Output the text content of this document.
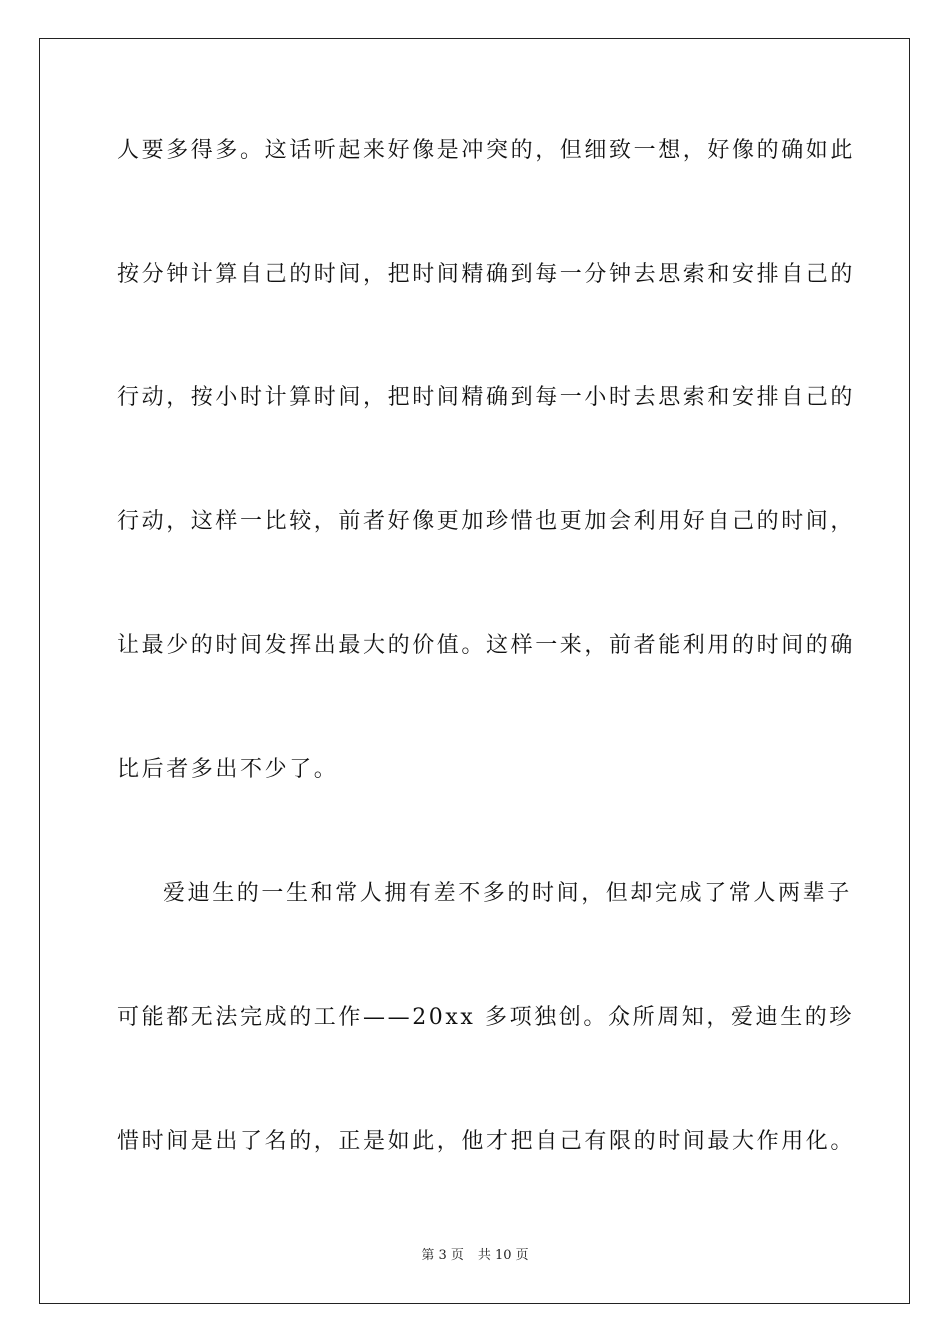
人要多得多。这话听起来好像是冲突的，但细致一想，好像的确如此
按分钟计算自己的时间，把时间精确到每一分钟去思索和安排自己的
行动，按小时计算时间，把时间精确到每一小时去思索和安排自己的
行动，这样一比较，前者好像更加珍惜也更加会利用好自己的时间，
让最少的时间发挥出最大的价值。这样一来，前者能利用的时间的确
比后者多出不少了。
爱迪生的一生和常人拥有差不多的时间，但却完成了常人两辈子
可能都无法完成的工作——20xx 多项独创。众所周知，爱迪生的珍
惜时间是出了名的，正是如此，他才把自己有限的时间最大作用化。
第 3 页 共 10 页
